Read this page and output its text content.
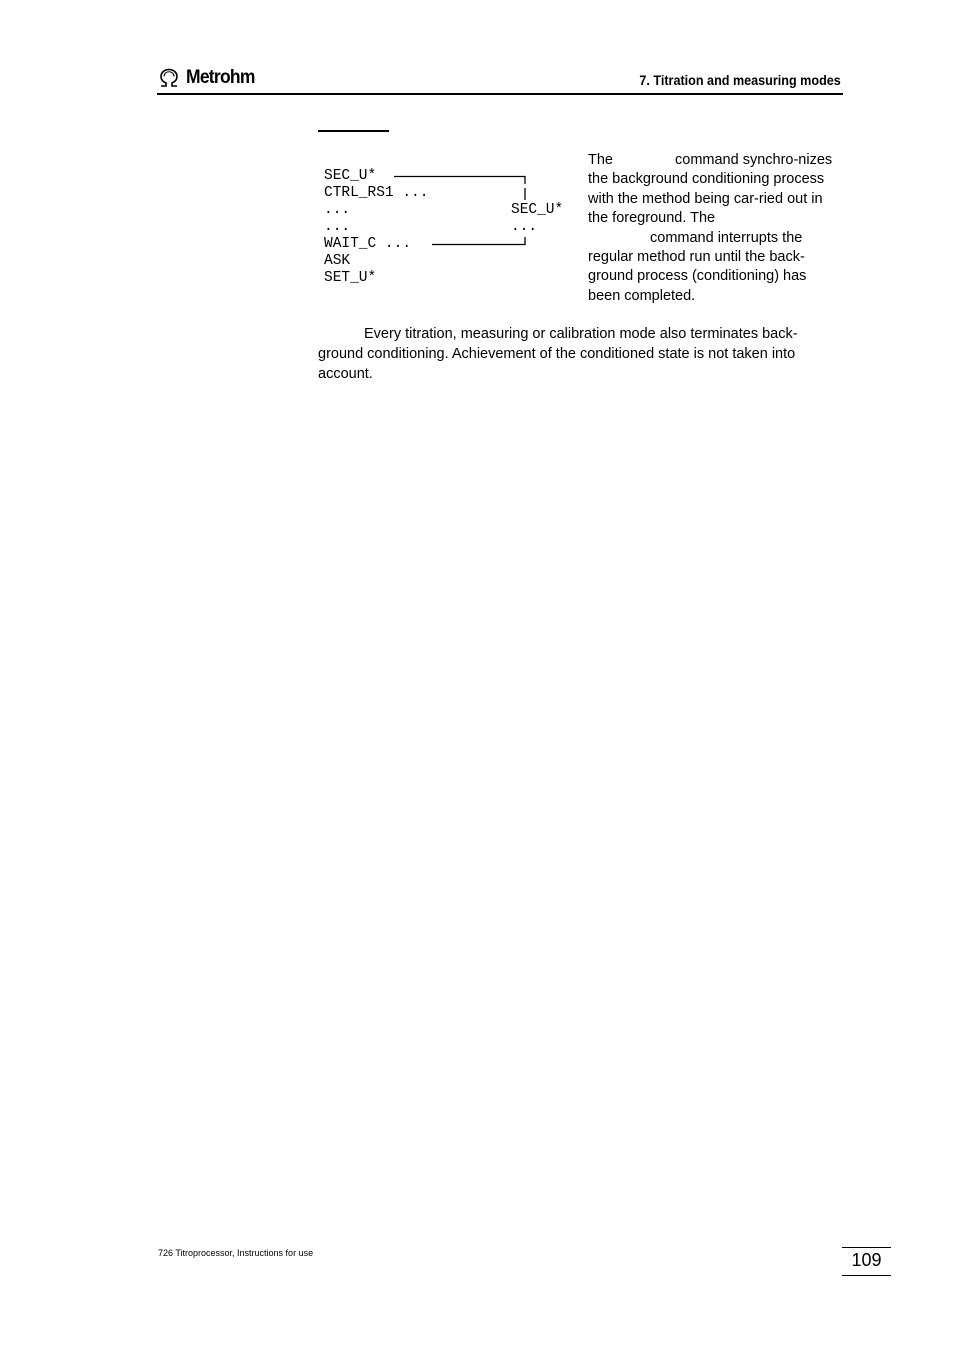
Metrohm	7. Titration and measuring modes
SEC_U*
CTRL_RS1 ...
...
...
WAIT_C ...
ASK
SET_U*
SEC_U*
...

The	command synchro-nizes the background conditioning process with the method being car-ried out in the foreground. The
command interrupts the regular method run until the back-ground process (conditioning) has been completed.

Every titration, measuring or calibration mode also terminates back-ground conditioning. Achievement of the conditioned state is not taken into account.

726 Titroprocessor, Instructions for use	109
